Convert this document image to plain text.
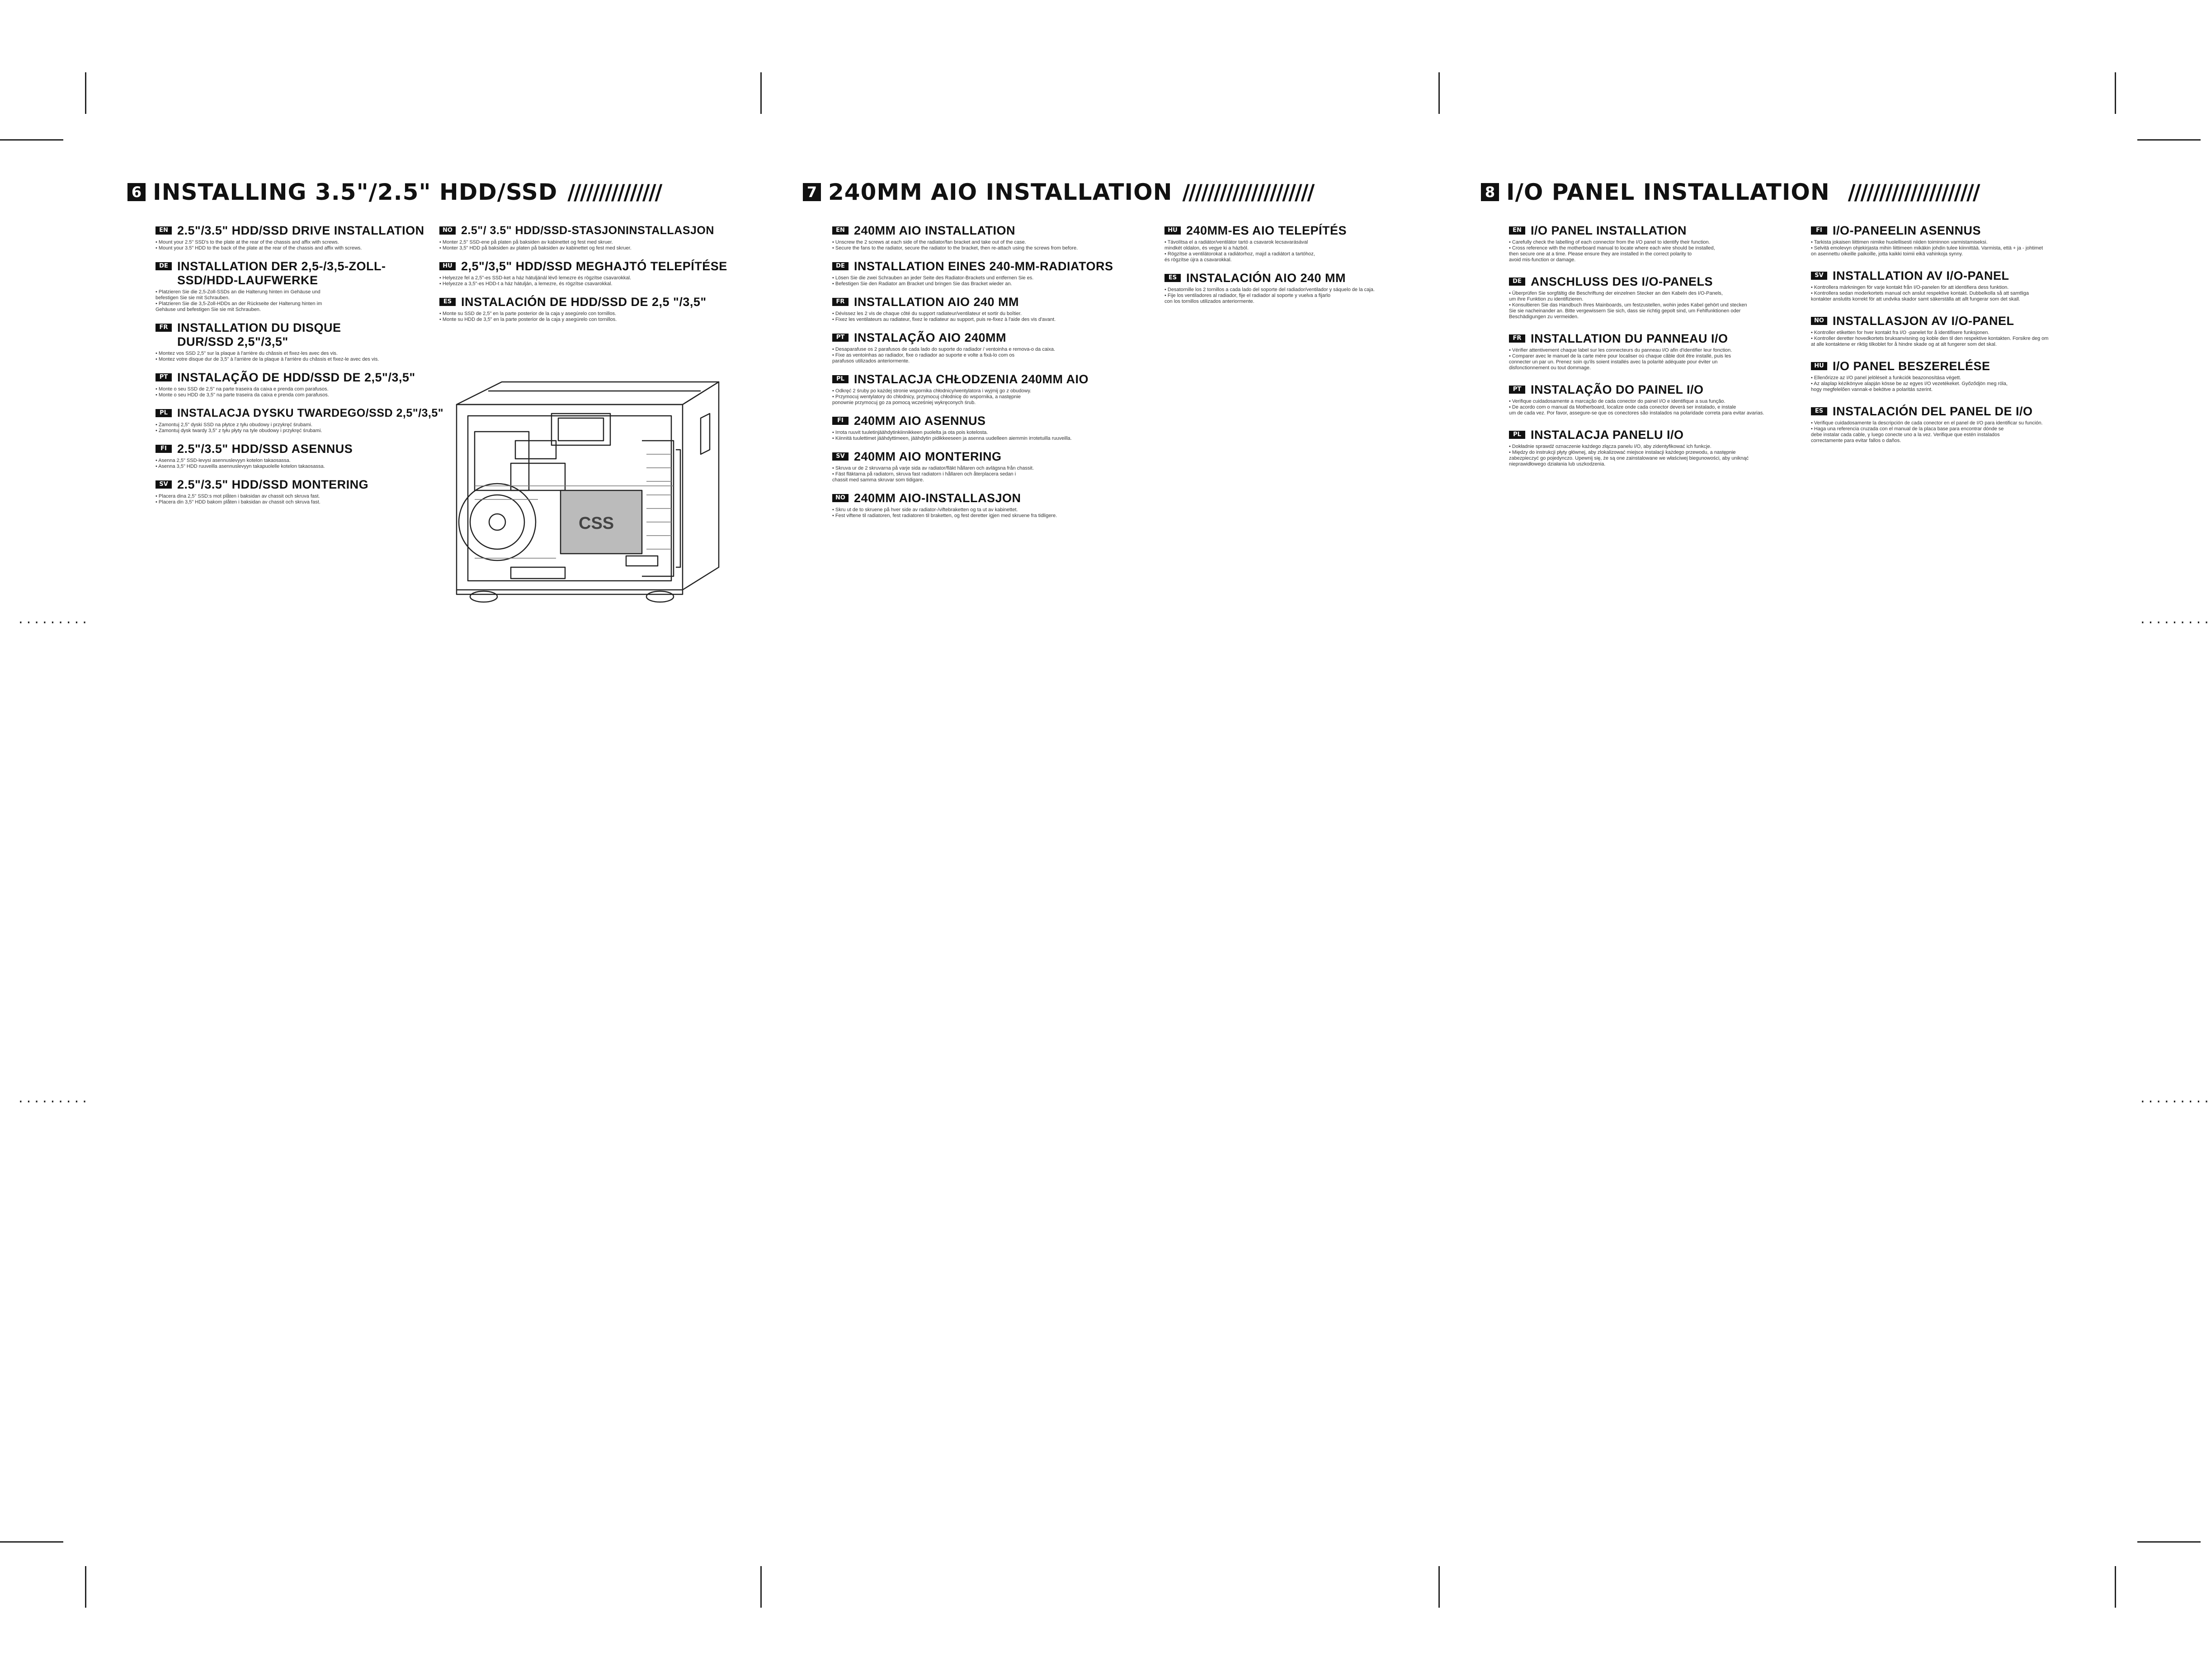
.........
.........
.........
.........
6 INSTALLING 3.5"/2.5" HDD/SSD ///////////////
EN 2.5"/3.5" HDD/SSD DRIVE INSTALLATION
• Mount your 2.5" SSD's to the plate at the rear of the chassis and affix with screws.
• Mount your 3.5" HDD to the back of the plate at the rear of the chassis and affix with screws.
DE INSTALLATION DER 2,5-/3,5-ZOLL-SSD/HDD-LAUFWERKE
• Platzieren Sie die 2,5-Zoll-SSDs an die Halterung hinten im Gehäuse und
befestigen Sie sie mit Schrauben.
• Platzieren Sie die 3,5-Zoll-HDDs an der Rückseite der Halterung hinten im
Gehäuse und befestigen Sie sie mit Schrauben.
FR INSTALLATION DU DISQUE DUR/SSD 2,5"/3,5"
• Montez vos SSD 2,5" sur la plaque à l'arrière du châssis et fixez-les avec des vis.
• Montez votre disque dur de 3,5" à l'arrière de la plaque à l'arrière du châssis et fixez-le avec des vis.
PT INSTALAÇÃO DE HDD/SSD DE 2,5"/3,5"
• Monte o seu SSD de 2,5" na parte traseira da caixa e prenda com parafusos.
• Monte o seu HDD de 3,5" na parte traseira da caixa e prenda com parafusos.
PL INSTALACJA DYSKU TWARDEGO/SSD 2,5"/3,5"
• Zamontuj 2,5" dyski SSD na płytce z tyłu obudowy i przykręć śrubami.
• Zamontuj dysk twardy 3,5" z tyłu płyty na tyle obudowy i przykręć śrubami.
FI 2.5"/3.5" HDD/SSD ASENNUS
• Asenna 2,5" SSD-levysi asennuslevyyn kotelon takaosassa.
• Asenna 3,5" HDD ruuveilla asennuslevyyn takapuolelle kotelon takaosassa.
SV 2.5"/3.5" HDD/SSD MONTERING
• Placera dina 2,5" SSD:s mot plåten i baksidan av chassit och skruva fast.
• Placera din 3,5" HDD bakom plåten i baksidan av chassit och skruva fast.
NO 2.5"/ 3.5" HDD/SSD-STASJONINSTALLASJON
• Monter 2,5" SSD-ene på platen på baksiden av kabinettet og fest med skruer.
• Monter 3,5" HDD på baksiden av platen på baksiden av kabinettet og fest med skruer.
HU 2,5"/3,5" HDD/SSD MEGHAJTÓ TELEPÍTÉSE
• Helyezze fel a 2,5"-es SSD-ket a ház hátuljánál lévő lemezre és rögzítse csavarokkal.
• Helyezze a 3,5"-es HDD-t a ház hátulján, a lemezre, és rögzítse csavarokkal.
ES INSTALACIÓN DE HDD/SSD DE 2,5 "/3,5"
• Monte su SSD de 2,5" en la parte posterior de la caja y asegúrelo con tornillos.
• Monte su HDD de 3,5" en la parte posterior de la caja y asegúrelo con tornillos.
CSS
7 240MM AIO INSTALLATION /////////////////////
EN 240MM AIO INSTALLATION
• Unscrew the 2 screws at each side of the radiator/fan bracket and take out of the case.
• Secure the fans to the radiator, secure the radiator to the bracket, then re-attach using the screws from before.
DE INSTALLATION EINES 240-MM-RADIATORS
• Lösen Sie die zwei Schrauben an jeder Seite des Radiator-Brackets und entfernen Sie es.
• Befestigen Sie den Radiator am Bracket und bringen Sie das Bracket wieder an.
FR INSTALLATION AIO 240 MM
• Dévissez les 2 vis de chaque côté du support radiateur/ventilateur et sortir du boîtier.
• Fixez les ventilateurs au radiateur, fixez le radiateur au support, puis re-fixez à l'aide des vis d'avant.
PT INSTALAÇÃO AIO 240MM
• Desaparafuse os 2 parafusos de cada lado do suporte do radiador / ventoinha e remova-o da caixa.
• Fixe as ventoinhas ao radiador, fixe o radiador ao suporte e volte a fixá-lo com os
parafusos utilizados anteriormente.
PL INSTALACJA CHŁODZENIA 240MM AIO
• Odkręć 2 śruby po każdej stronie wspornika chłodnicy/wentylatora i wyjmij go z obudowy.
• Przymocuj wentylatory do chłodnicy, przymocuj chłodnicę do wspornika, a następnie
ponownie przymocuj go za pomocą wcześniej wykręconych śrub.
FI 240MM AIO ASENNUS
• Irrota ruuvit tuuletinjäähdytinkiinnikkeen puolelta ja ota pois kotelosta.
• Kiinnitä tuulettimet jäähdyttimeen, jäähdytin pidikkeeseen ja asenna uudelleen aiemmin irrotetuilla ruuveilla.
SV 240MM AIO MONTERING
• Skruva ur de 2 skruvarna på varje sida av radiator/fläkt hållaren och avlägsna från chassit.
• Fäst fläktarna på radiatorn, skruva fast radiatorn i hållaren och återplacera sedan i
chassit med samma skruvar som tidigare.
NO 240MM AIO-INSTALLASJON
• Skru ut de to skruene på hver side av radiator-/viftebraketten og ta ut av kabinettet.
• Fest viftene til radiatoren, fest radiatoren til braketten, og fest deretter igjen med skruene fra tidligere.
HU 240MM-ES AIO TELEPÍTÉS
• Távolítsa el a radiátor/ventilátor tartó a csavarok lecsavarásával
mindkét oldalon, és vegye ki a házból.
• Rögzítse a ventilátorokat a radiátorhoz, majd a radiátort a tartóhoz,
és rögzítse újra a csavarokkal.
ES INSTALACIÓN AIO 240 MM
• Desatornille los 2 tornillos a cada lado del soporte del radiador/ventilador y sáquelo de la caja.
• Fije los ventiladores al radiador, fije el radiador al soporte y vuelva a fijarlo
con los tornillos utilizados anteriormente.
8 I/O PANEL INSTALLATION /////////////////////
EN I/O PANEL INSTALLATION
• Carefully check the labelling of each connector from the I/O panel to identify their function.
• Cross reference with the motherboard manual to locate where each wire should be installed,
then secure one at a time. Please ensure they are installed in the correct polarity to
avoid mis-function or damage.
DE ANSCHLUSS DES I/O-PANELS
• Überprüfen Sie sorgfältig die Beschriftung der einzelnen Stecker an den Kabeln des I/O-Panels,
um ihre Funktion zu identifizieren.
• Konsultieren Sie das Handbuch Ihres Mainboards, um festzustellen, wohin jedes Kabel gehört und stecken
Sie sie nacheinander an. Bitte vergewissern Sie sich, dass sie richtig gepolt sind, um Fehlfunktionen oder
Beschädigungen zu vermeiden.
FR INSTALLATION DU PANNEAU I/O
• Vérifier attentivement chaque label sur les connecteurs du panneau I/O afin d'identifier leur fonction.
• Comparer avec le manuel de la carte mère pour localiser où chaque câble doit être installé, puis les
connecter un par un. Prenez soin qu'ils soient installés avec la polarité adéquate pour éviter un
disfonctionnement ou tout dommage.
PT INSTALAÇÃO DO PAINEL I/O
• Verifique cuidadosamente a marcação de cada conector do painel I/O e identifique a sua função.
• De acordo com o manual da Motherboard, localize onde cada conector deverá ser instalado, e instale
um de cada vez. Por favor, assegure-se que os conectores são instalados na polaridade correta para evitar avarias.
PL INSTALACJA PANELU I/O
• Dokładnie sprawdź oznaczenie każdego złącza panelu I/O, aby zidentyfikować ich funkcje.
• Między do instrukcji płyty głównej, aby zlokalizować miejsce instalacji każdego przewodu, a następnie
zabezpieczyć go pojedynczo. Upewnij się, że są one zainstalowane we właściwej biegunowości, aby uniknąć
nieprawidłowego działania lub uszkodzenia.
FI I/O-PANEELIN ASENNUS
• Tarkista jokaisen liittimen nimike huolellisesti niiden toiminnon varmistamiseksi.
• Selvitä emolevyn ohjekirjasta mihin liittimeen mikäkin johdin tulee kiinnittää. Varmista, että + ja - johtimet
on asennettu oikeille paikoille, jotta kaikki toimii eikä vahinkoja synny.
SV INSTALLATION AV I/O-PANEL
• Kontrollera märkningen för varje kontakt från I/O-panelen för att identifiera dess funktion.
• Kontrollera sedan moderkortets manual och anslut respektive kontakt. Dubbelkolla så att samtliga
kontakter anslutits korrekt för att undvika skador samt säkerställa att allt fungerar som det skall.
NO INSTALLASJON AV I/O-PANEL
• Kontroller etiketten for hver kontakt fra I/O -panelet for å identifisere funksjonen.
• Kontroller deretter hovedkortets bruksanvisning og koble den til den respektive kontakten. Forsikre deg om
at alle kontaktene er riktig tilkoblet for å hindre skade og at alt fungerer som det skal.
HU I/O PANEL BESZERELÉSE
• Ellenőrizze az I/O panel jelöléseit a funkciók beazonosítása végett.
• Az alaplap kézikönyve alapján kösse be az egyes I/O vezetékeket. Győződjön meg róla,
hogy megfelelően vannak-e bekötve a polaritás szerint.
ES INSTALACIÓN DEL PANEL DE I/O
• Verifique cuidadosamente la descripción de cada conector en el panel de I/O para identificar su función.
• Haga una referencia cruzada con el manual de la placa base para encontrar dónde se
debe instalar cada cable, y luego conecte uno a la vez. Verifique que estén instalados
correctamente para evitar fallos o daños.
